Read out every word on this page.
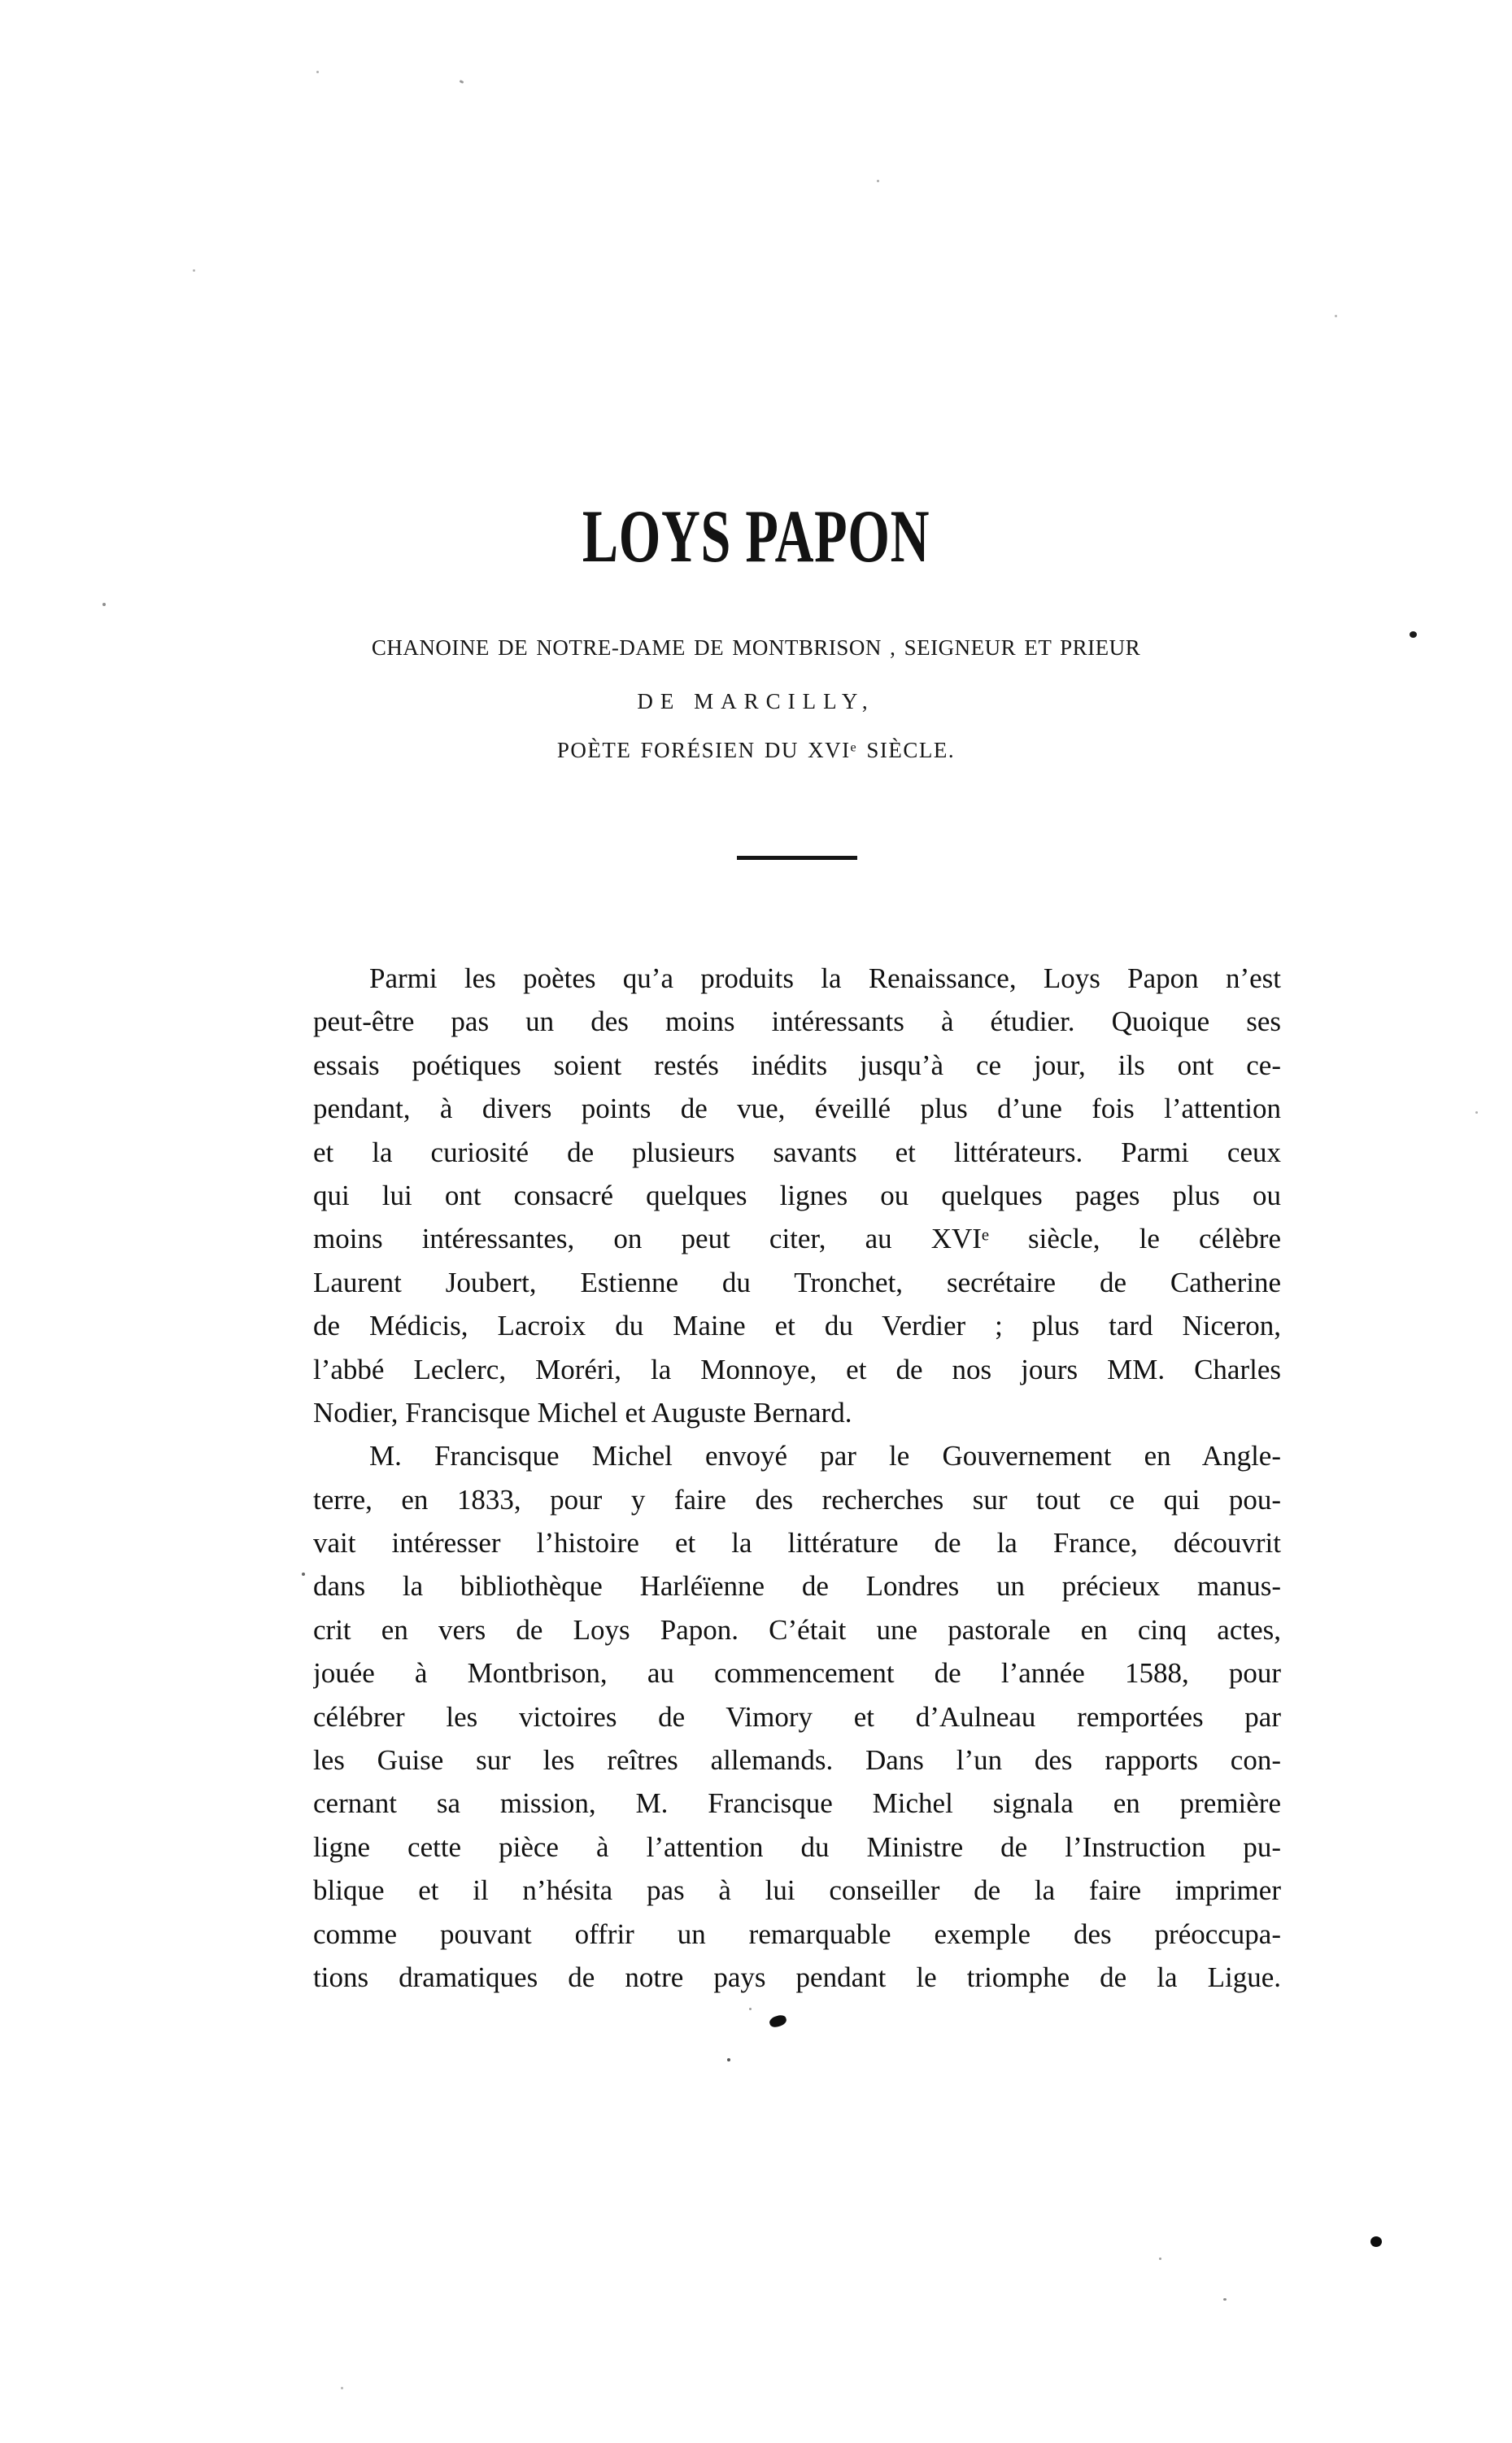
LOYS PAPON
CHANOINE DE NOTRE-DAME DE MONTBRISON , SEIGNEUR ET PRIEUR
DE MARCILLY,
POÈTE FORÉSIEN DU XVIᵉ SIÈCLE.
Parmi les poètes qu’a produits la Renaissance, Loys Papon n’est
peut-être pas un des moins intéressants à étudier. Quoique ses
essais poétiques soient restés inédits jusqu’à ce jour, ils ont ce-
pendant, à divers points de vue, éveillé plus d’une fois l’attention
et la curiosité de plusieurs savants et littérateurs. Parmi ceux
qui lui ont consacré quelques lignes ou quelques pages plus ou
moins intéressantes, on peut citer, au XVIᵉ siècle, le célèbre
Laurent Joubert, Estienne du Tronchet, secrétaire de Catherine
de Médicis, Lacroix du Maine et du Verdier ; plus tard Niceron,
l’abbé Leclerc, Moréri, la Monnoye, et de nos jours MM. Charles
Nodier, Francisque Michel et Auguste Bernard.
M. Francisque Michel envoyé par le Gouvernement en Angle-
terre, en 1833, pour y faire des recherches sur tout ce qui pou-
vait intéresser l’histoire et la littérature de la France, découvrit
dans la bibliothèque Harléïenne de Londres un précieux manus-
crit en vers de Loys Papon. C’était une pastorale en cinq actes,
jouée à Montbrison, au commencement de l’année 1588, pour
célébrer les victoires de Vimory et d’Aulneau remportées par
les Guise sur les reîtres allemands. Dans l’un des rapports con-
cernant sa mission, M. Francisque Michel signala en première
ligne cette pièce à l’attention du Ministre de l’Instruction pu-
blique et il n’hésita pas à lui conseiller de la faire imprimer
comme pouvant offrir un remarquable exemple des préoccupa-
tions dramatiques de notre pays pendant le triomphe de la Ligue.
